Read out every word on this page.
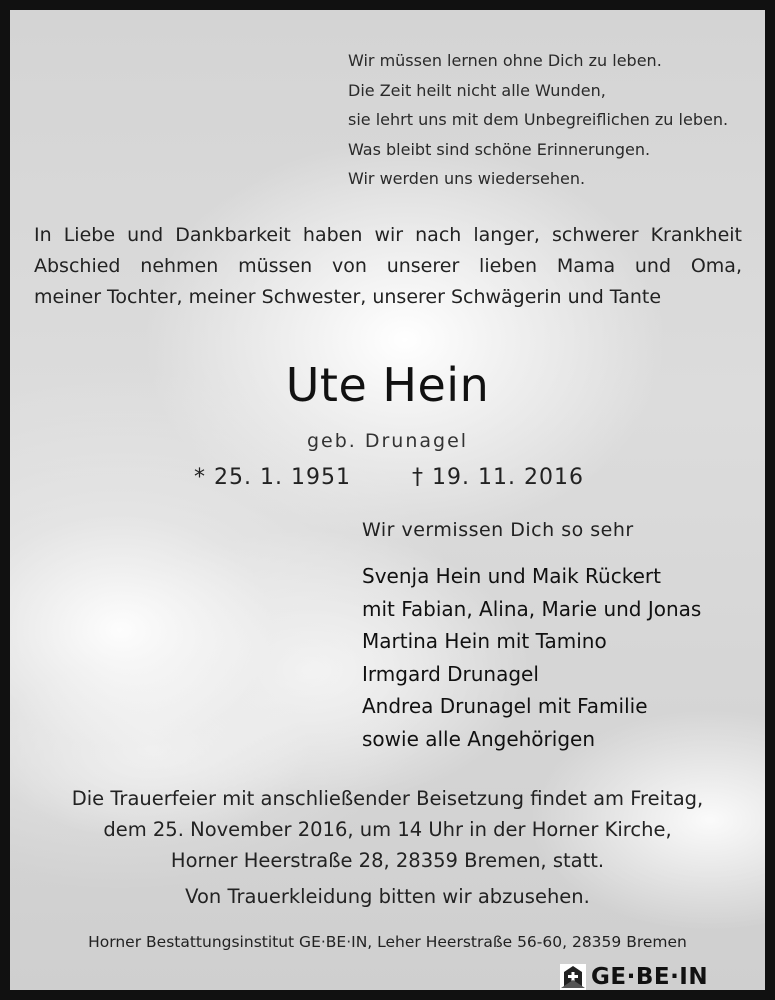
Wir müssen lernen ohne Dich zu leben.
Die Zeit heilt nicht alle Wunden,
sie lehrt uns mit dem Unbegreiflichen zu leben.
Was bleibt sind schöne Erinnerungen.
Wir werden uns wiedersehen.
In Liebe und Dankbarkeit haben wir nach langer, schwerer Krankheit
Abschied nehmen müssen von unserer lieben Mama und Oma,
meiner Tochter, meiner Schwester, unserer Schwägerin und Tante
Ute Hein
geb. Drunagel
* 25. 1. 1951	† 19. 11. 2016
Wir vermissen Dich so sehr
Svenja Hein und Maik Rückert
mit Fabian, Alina, Marie und Jonas
Martina Hein mit Tamino
Irmgard Drunagel
Andrea Drunagel mit Familie
sowie alle Angehörigen
Die Trauerfeier mit anschließender Beisetzung findet am Freitag,
dem 25. November 2016, um 14 Uhr in der Horner Kirche,
Horner Heerstraße 28, 28359 Bremen, statt.
Von Trauerkleidung bitten wir abzusehen.
Horner Bestattungsinstitut GE·BE·IN, Leher Heerstraße 56-60, 28359 Bremen
GE·BE·IN
